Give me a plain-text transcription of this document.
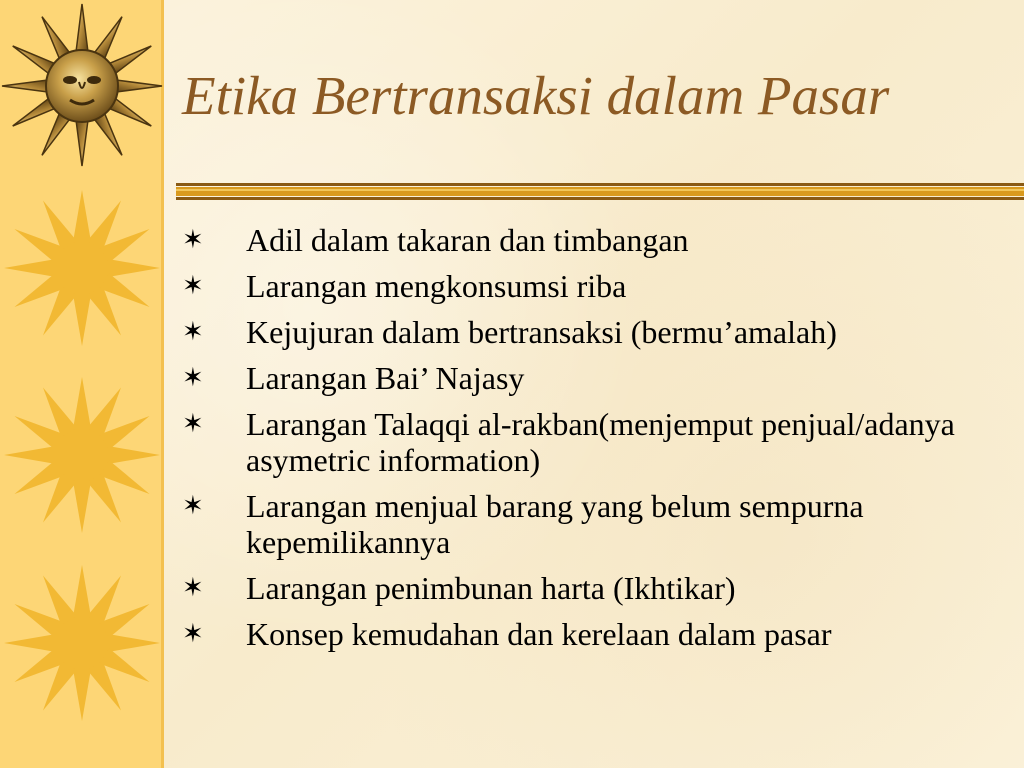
Etika Bertransaksi dalam Pasar
✶ Adil dalam takaran dan timbangan
✶ Larangan mengkonsumsi riba
✶ Kejujuran dalam bertransaksi (bermu’amalah)
✶ Larangan Bai’ Najasy
✶ Larangan Talaqqi al-rakban(menjemput penjual/adanya asymetric information)
✶ Larangan menjual barang yang belum sempurna kepemilikannya
✶ Larangan penimbunan harta (Ikhtikar)
✶ Konsep kemudahan dan kerelaan dalam pasar
